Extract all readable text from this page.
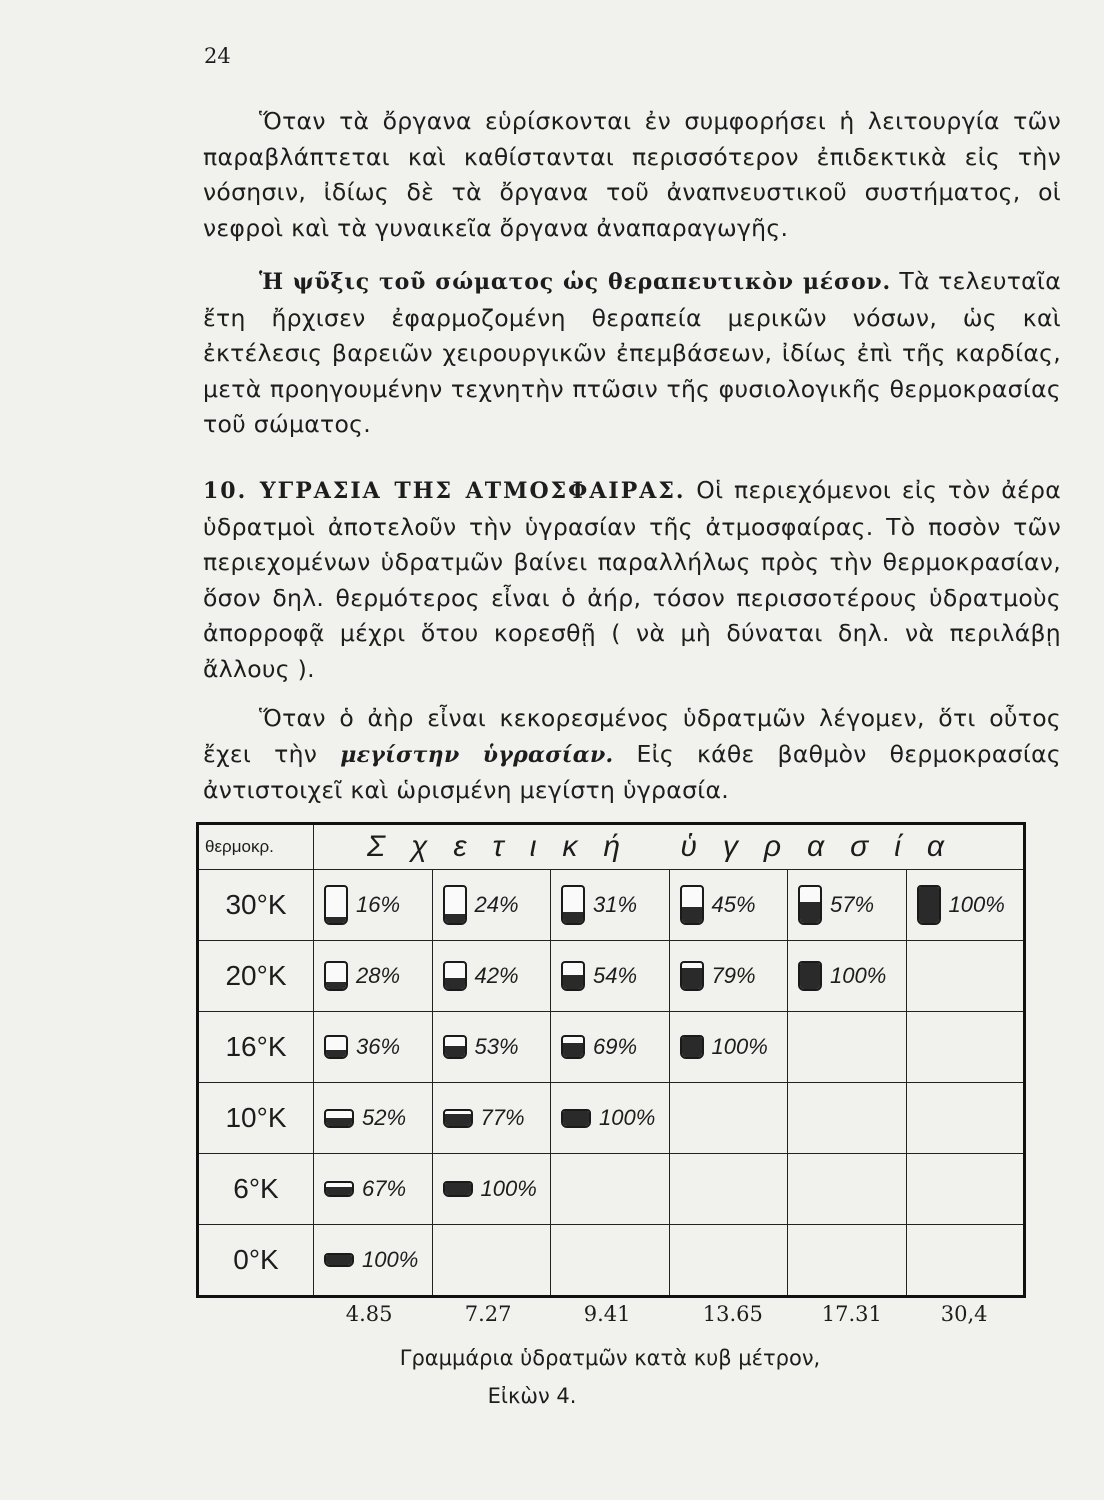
24

Ὅταν τὰ ὄργανα εὑρίσκονται ἐν συμφορήσει ἡ λειτουργία τῶν παραβλάπτεται καὶ καθίστανται περισσότερον ἐπιδεκτικὰ εἰς τὴν νόσησιν, ἰδίως δὲ τὰ ὄργανα τοῦ ἀναπνευστικοῦ συστήματος, οἱ νεφροὶ καὶ τὰ γυναικεῖα ὄργανα ἀναπαραγωγῆς.

Ἡ ψῦξις τοῦ σώματος ὡς θεραπευτικὸν μέσον. Τὰ τελευταῖα ἔτη ἤρχισεν ἐφαρμοζομένη θεραπεία μερικῶν νόσων, ὡς καὶ ἐκτέλεσις βαρειῶν χειρουργικῶν ἐπεμβάσεων, ἰδίως ἐπὶ τῆς καρδίας, μετὰ προηγουμένην τεχνητὴν πτῶσιν τῆς φυσιολογικῆς θερμοκρασίας τοῦ σώματος.

10. ΥΓΡΑΣΙΑ ΤΗΣ ΑΤΜΟΣΦΑΙΡΑΣ. Οἱ περιεχόμενοι εἰς τὸν ἀέρα ὑδρατμοὶ ἀποτελοῦν τὴν ὑγρασίαν τῆς ἀτμοσφαίρας. Τὸ ποσὸν τῶν περιεχομένων ὑδρατμῶν βαίνει παραλλήλως πρὸς τὴν θερμοκρασίαν, ὅσον δηλ. θερμότερος εἶναι ὁ ἀήρ, τόσον περισσοτέρους ὑδρατμοὺς ἀπορροφᾷ μέχρι ὅτου κορεσθῇ ( νὰ μὴ δύναται δηλ. νὰ περιλάβῃ ἄλλους ).

Ὅταν ὁ ἀὴρ εἶναι κεκορεσμένος ὑδρατμῶν λέγομεν, ὅτι οὗτος ἔχει τὴν μεγίστην ὑγρασίαν. Εἰς κάθε βαθμὸν θερμοκρασίας ἀντιστοιχεῖ καὶ ὡρισμένη μεγίστη ὑγρασία.

θερμοκρ.	Σχετική ὑγρασία					
30°Κ	16%	24%	31%	45%	57%	100%

20°Κ	28%	42%	54%	79%	100%	

16°Κ	36%	53%	69%	100%		

10°Κ	52%	77%	100%			

6°Κ	67%	100%				

0°Κ	100%					

4.85	7.27	9.41	13.65	17.31	30,4
Γραμμάρια ὑδρατμῶν κατὰ κυβ μέτρον,
Εἰκὼν 4.
